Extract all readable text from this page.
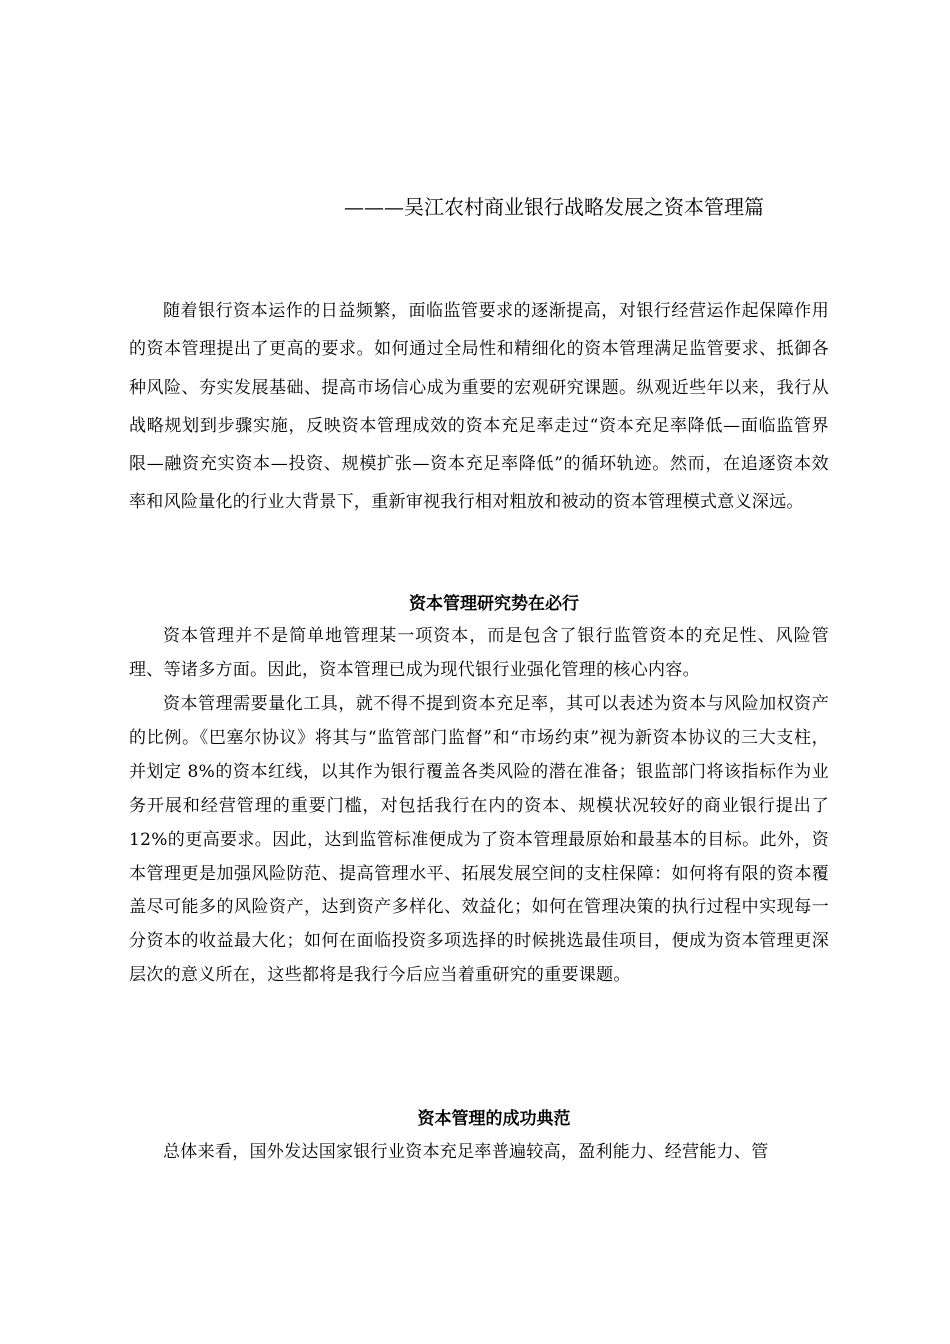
———吴江农村商业银行战略发展之资本管理篇

随着银行资本运作的日益频繁，面临监管要求的逐渐提高，对银行经营运作起保障作用的资本管理提出了更高的要求。如何通过全局性和精细化的资本管理满足监管要求、抵御各种风险、夯实发展基础、提高市场信心成为重要的宏观研究课题。纵观近些年以来，我行从战略规划到步骤实施，反映资本管理成效的资本充足率走过“资本充足率降低—面临监管界限—融资充实资本—投资、规模扩张—资本充足率降低”的循环轨迹。然而，在追逐资本效率和风险量化的行业大背景下，重新审视我行相对粗放和被动的资本管理模式意义深远。

资本管理研究势在必行

资本管理并不是简单地管理某一项资本，而是包含了银行监管资本的充足性、风险管理、等诸多方面。因此，资本管理已成为现代银行业强化管理的核心内容。

资本管理需要量化工具，就不得不提到资本充足率，其可以表述为资本与风险加权资产的比例。《巴塞尔协议》将其与“监管部门监督”和“市场约束”视为新资本协议的三大支柱，并划定 8%的资本红线，以其作为银行覆盖各类风险的潜在准备；银监部门将该指标作为业务开展和经营管理的重要门槛，对包括我行在内的资本、规模状况较好的商业银行提出了 12%的更高要求。因此，达到监管标准便成为了资本管理最原始和最基本的目标。此外，资本管理更是加强风险防范、提高管理水平、拓展发展空间的支柱保障：如何将有限的资本覆盖尽可能多的风险资产，达到资产多样化、效益化；如何在管理决策的执行过程中实现每一分资本的收益最大化；如何在面临投资多项选择的时候挑选最佳项目，便成为资本管理更深层次的意义所在，这些都将是我行今后应当着重研究的重要课题。

资本管理的成功典范

总体来看，国外发达国家银行业资本充足率普遍较高，盈利能力、经营能力、管
